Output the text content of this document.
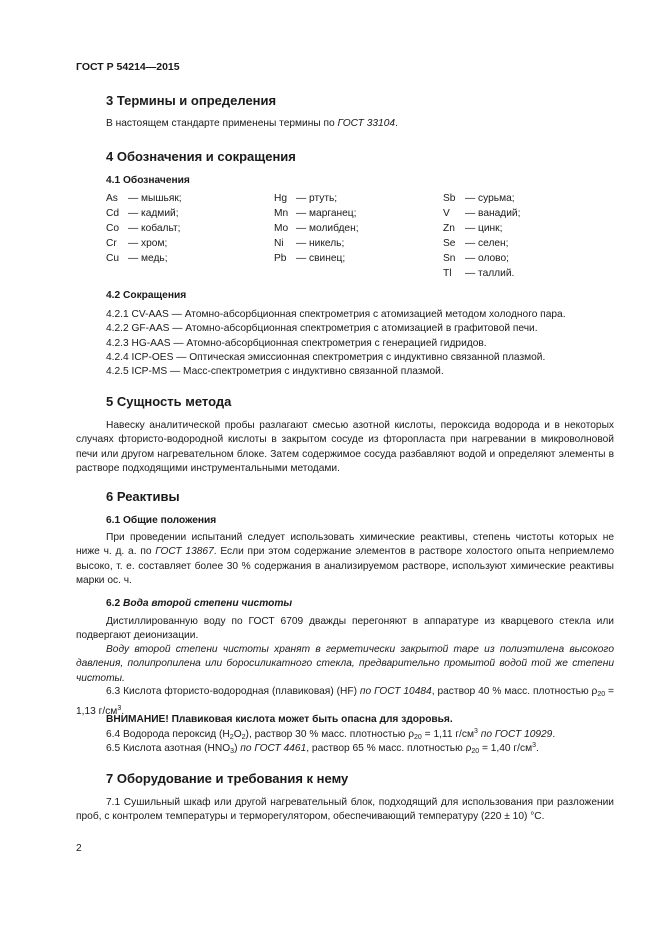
ГОСТ Р 54214—2015
3 Термины и определения
В настоящем стандарте применены термины по ГОСТ 33104.
4 Обозначения и сокращения
4.1 Обозначения
As — мышьяк;
Cd — кадмий;
Co — кобальт;
Cr — хром;
Cu — медь;
Hg — ртуть;
Mn — марганец;
Mo — молибден;
Ni — никель;
Pb — свинец;
Sb — сурьма;
V — ванадий;
Zn — цинк;
Se — селен;
Sn — олово;
Tl — таллий.
4.2 Сокращения
4.2.1 CV-AAS — Атомно-абсорбционная спектрометрия с атомизацией методом холодного пара.
4.2.2 GF-AAS — Атомно-абсорбционная спектрометрия с атомизацией в графитовой печи.
4.2.3 HG-AAS — Атомно-абсорбционная спектрометрия с генерацией гидридов.
4.2.4 ICP-OES — Оптическая эмиссионная спектрометрия с индуктивно связанной плазмой.
4.2.5 ICP-MS — Масс-спектрометрия с индуктивно связанной плазмой.
5 Сущность метода
Навеску аналитической пробы разлагают смесью азотной кислоты, пероксида водорода и в некоторых случаях фтористо-водородной кислоты в закрытом сосуде из фторопласта при нагревании в микроволновой печи или другом нагревательном блоке. Затем содержимое сосуда разбавляют водой и определяют элементы в растворе подходящими инструментальными методами.
6 Реактивы
6.1 Общие положения
При проведении испытаний следует использовать химические реактивы, степень чистоты которых не ниже ч. д. а. по ГОСТ 13867. Если при этом содержание элементов в растворе холостого опыта неприемлемо высоко, т. е. составляет более 30 % содержания в анализируемом растворе, используют химические реактивы марки ос. ч.
6.2 Вода второй степени чистоты
Дистиллированную воду по ГОСТ 6709 дважды перегоняют в аппаратуре из кварцевого стекла или подвергают деионизации.
Воду второй степени чистоты хранят в герметически закрытой таре из полиэтилена высокого давления, полипропилена или боросиликатного стекла, предварительно промытой водой той же степени чистоты.
6.3 Кислота фтористо-водородная (плавиковая) (HF) по ГОСТ 10484, раствор 40 % масс. плотностью $\rho_{20} = 1,13$ $г/см^3$.
ВНИМАНИЕ! Плавиковая кислота может быть опасна для здоровья.
6.4 Водорода пероксид $(H_2O_2)$, раствор 30 % масс. плотностью $\rho_{20} = 1,11$ $г/см^3$ по ГОСТ 10929.
6.5 Кислота азотная $(HNO_3)$ по ГОСТ 4461, раствор 65 % масс. плотностью $\rho_{20} = 1,40$ $г/см^3$.
7 Оборудование и требования к нему
7.1 Сушильный шкаф или другой нагревательный блок, подходящий для использования при разложении проб, с контролем температуры и терморегулятором, обеспечивающий температуру (220 ± 10) °С.
2
